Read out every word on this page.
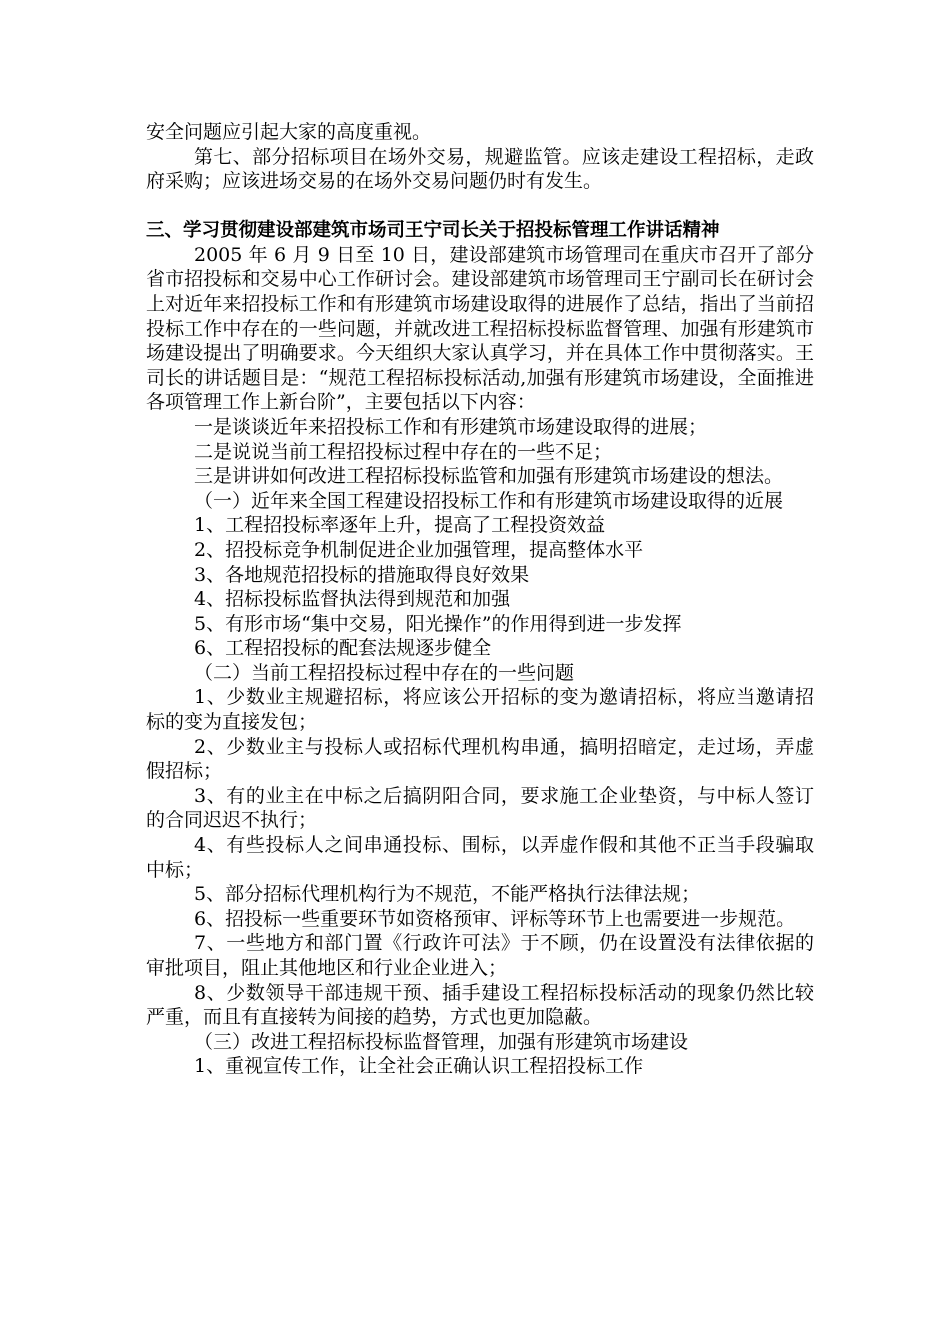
安全问题应引起大家的高度重视。

第七、部分招标项目在场外交易，规避监管。应该走建设工程招标，走政府采购；应该进场交易的在场外交易问题仍时有发生。

三、学习贯彻建设部建筑市场司王宁司长关于招投标管理工作讲话精神

2005 年 6 月 9 日至 10 日，建设部建筑市场管理司在重庆市召开了部分省市招投标和交易中心工作研讨会。建设部建筑市场管理司王宁副司长在研讨会上对近年来招投标工作和有形建筑市场建设取得的进展作了总结，指出了当前招投标工作中存在的一些问题，并就改进工程招标投标监督管理、加强有形建筑市场建设提出了明确要求。今天组织大家认真学习，并在具体工作中贯彻落实。王司长的讲话题目是：“规范工程招标投标活动,加强有形建筑市场建设，全面推进各项管理工作上新台阶”，主要包括以下内容：

一是谈谈近年来招投标工作和有形建筑市场建设取得的进展；

二是说说当前工程招投标过程中存在的一些不足；

三是讲讲如何改进工程招标投标监管和加强有形建筑市场建设的想法。

（一）近年来全国工程建设招投标工作和有形建筑市场建设取得的近展

1、工程招投标率逐年上升，提高了工程投资效益

2、招投标竞争机制促进企业加强管理，提高整体水平

3、各地规范招投标的措施取得良好效果

4、招标投标监督执法得到规范和加强

5、有形市场“集中交易，阳光操作”的作用得到进一步发挥

6、工程招投标的配套法规逐步健全

（二）当前工程招投标过程中存在的一些问题

1、少数业主规避招标，将应该公开招标的变为邀请招标，将应当邀请招标的变为直接发包；

2、少数业主与投标人或招标代理机构串通，搞明招暗定，走过场，弄虚假招标；

3、有的业主在中标之后搞阴阳合同，要求施工企业垫资，与中标人签订的合同迟迟不执行；

4、有些投标人之间串通投标、围标，以弄虚作假和其他不正当手段骗取中标；

5、部分招标代理机构行为不规范，不能严格执行法律法规；

6、招投标一些重要环节如资格预审、评标等环节上也需要进一步规范。

7、一些地方和部门置《行政许可法》于不顾，仍在设置没有法律依据的审批项目，阻止其他地区和行业企业进入；

8、少数领导干部违规干预、插手建设工程招标投标活动的现象仍然比较严重，而且有直接转为间接的趋势，方式也更加隐蔽。

（三）改进工程招标投标监督管理，加强有形建筑市场建设

1、重视宣传工作，让全社会正确认识工程招投标工作
